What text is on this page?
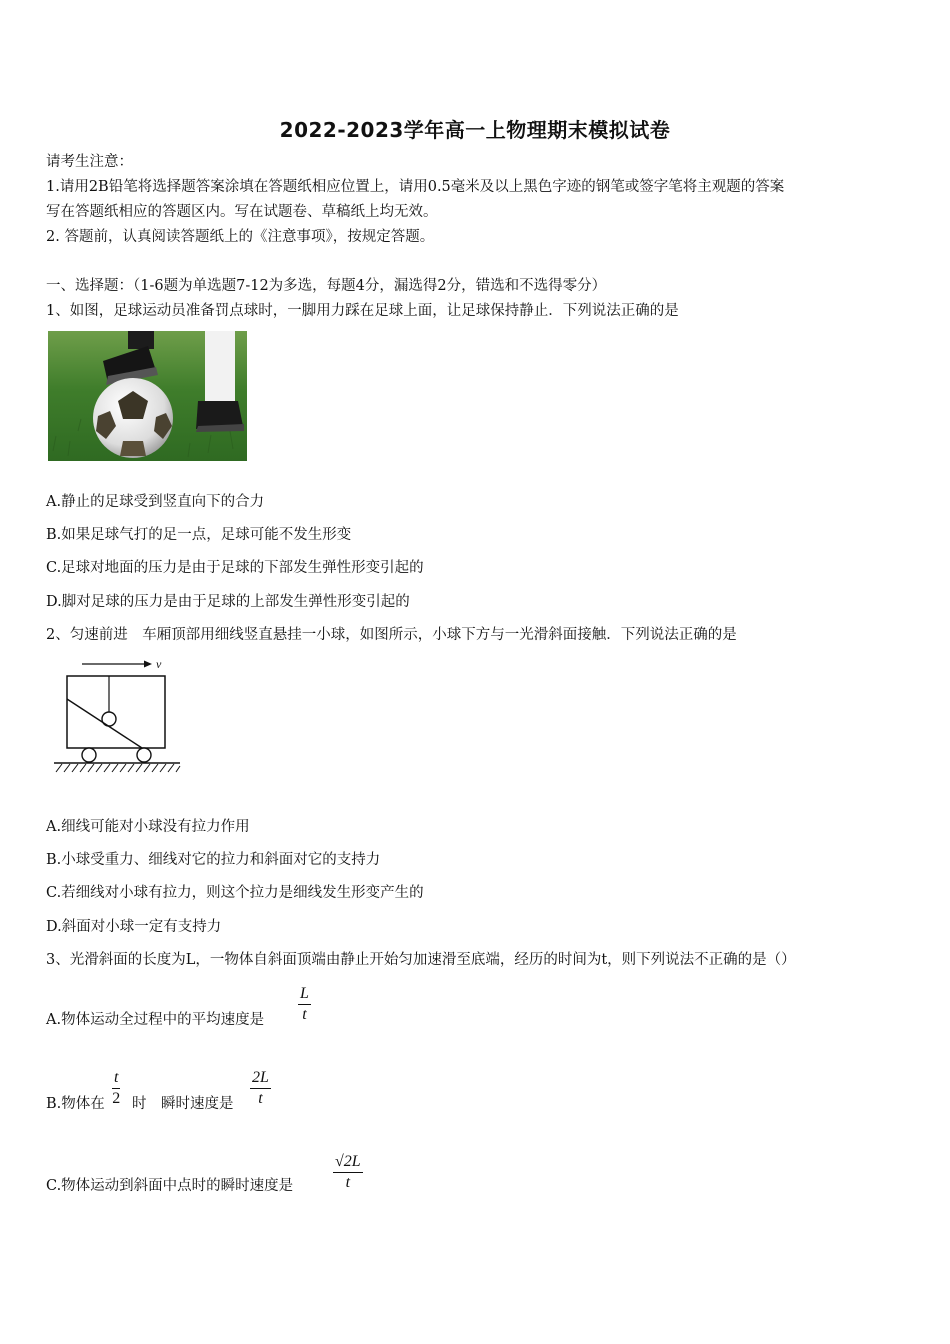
2022-2023学年高一上物理期末模拟试卷
请考生注意：
1.请用2B铅笔将选择题答案涂填在答题纸相应位置上，请用0.5毫米及以上黑色字迹的钢笔或签字笔将主观题的答案
写在答题纸相应的答题区内。写在试题卷、草稿纸上均无效。
2. 答题前，认真阅读答题纸上的《注意事项》，按规定答题。
一、选择题：（1-6题为单选题7-12为多选，每题4分，漏选得2分，错选和不选得零分）
1、如图，足球运动员准备罚点球时，一脚用力踩在足球上面，让足球保持静止．下列说法正确的是
A.静止的足球受到竖直向下的合力
B.如果足球气打的足一点，足球可能不发生形变
C.足球对地面的压力是由于足球的下部发生弹性形变引起的
D.脚对足球的压力是由于足球的上部发生弹性形变引起的
2、匀速前进　车厢顶部用细线竖直悬挂一小球，如图所示，小球下方与一光滑斜面接触．下列说法正确的是
v
A.细线可能对小球没有拉力作用
B.小球受重力、细线对它的拉力和斜面对它的支持力
C.若细线对小球有拉力，则这个拉力是细线发生形变产生的
D.斜面对小球一定有支持力
3、光滑斜面的长度为L，一物体自斜面顶端由静止开始匀加速滑至底端，经历的时间为t，则下列说法不正确的是（）
A.物体运动全过程中的平均速度是 $\frac{L}{t}$
B.物体在 $\frac{t}{2}$ 时　瞬时速度是 $\frac{2L}{t}$
C.物体运动到斜面中点时的瞬时速度是 $\frac{√2L}{t}$
